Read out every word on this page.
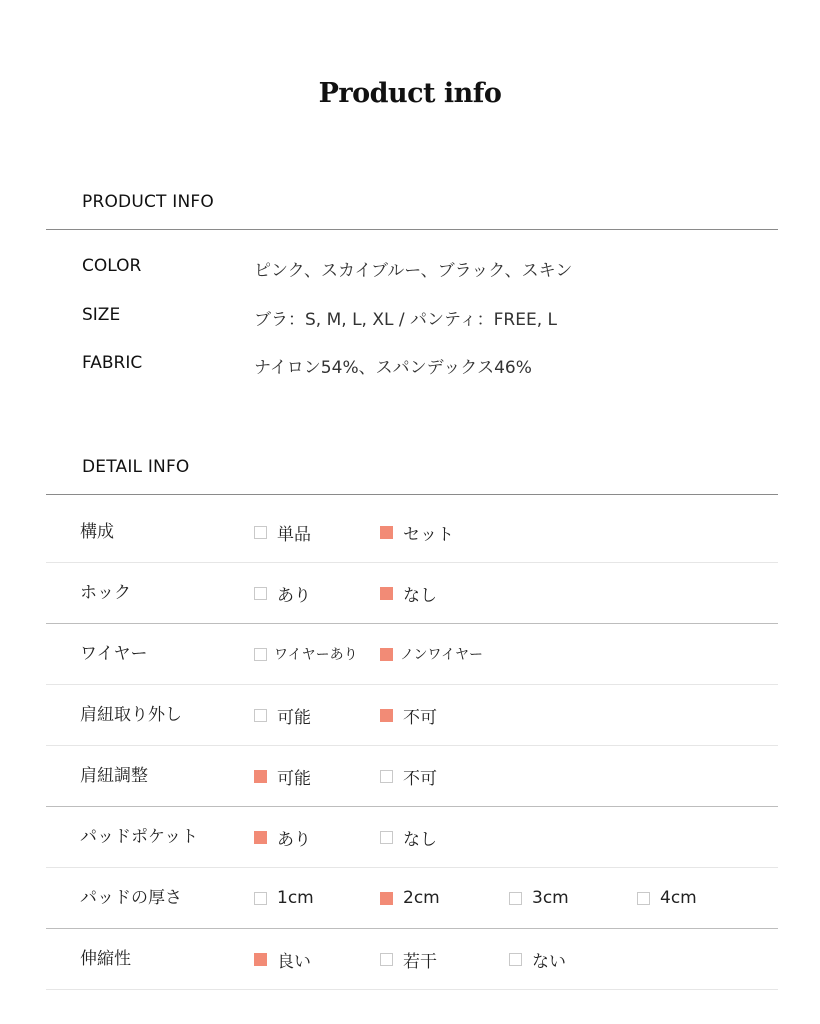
Product info
PRODUCT INFO
COLOR	ピンク、スカイブルー、ブラック、スキン
SIZE	ブラ：S, M, L, XL / パンティ：FREE, L
FABRIC	ナイロン54%、スパンデックス46%
DETAIL INFO
構成	単品	セット
ホック	あり	なし
ワイヤー	ワイヤーあり	ノンワイヤー
肩紐取り外し	可能	不可
肩紐調整	可能	不可
パッドポケット	あり	なし
パッドの厚さ	1cm	2cm	3cm	4cm
伸縮性	良い	若干	ない
